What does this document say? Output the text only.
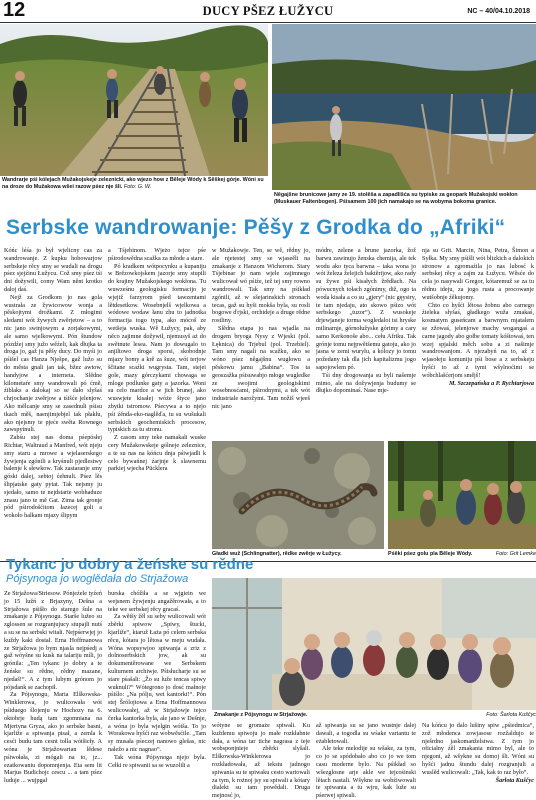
12	DUCY PŠEZ ŁUŽYCU	NC – 40/04.10.2018
Wandrarje pśi kólejach Mužakojskeje zeleznicki, ako wjezo how z Běleje Wódy k Sěškej górje. Wóni su na drozе do Mužakowa wšei razow pśez nje šli. Foto: G. W.
Něgajšne brunicowe jamy ze 19. stolěša a zapadlišća su typiske za geopark Mužakojski wokłon (Muskauer Faltenbogen). Pśisamem 100 jich namakajo se na wobyma bokoma granice.
Serbske wandrowanje: Pěšy z Grodka do „Afriki“

Kóńc léśa jo był wjelicny cas za wandrowanje. Z kupku hobowarjow serbskeje rěcy smy se wudali na drogu pśez sjejźinu Łužycu. Což smy pśez tśi dni dožywili, comy Wam něnt krotko daloj daś.

Nejž za Grodkom jo nas gola wustrała ze žywicowow wonja a pěskojtymi drožkami. Z młogimi sledami wót žywych zwěrjetow – a to nic jano swinjowym a zorjakowymi, ale samo wjelkowymi. Pón štundow pózdźej smy južo wěźeli, kak dłujka ta droga jo, gaž ju pěšy ducy. Do myśi jo pśišel cas Hanza Nješpe, gaž lužo su do města gnali jan tak, bžez awtow, handyjow a interneta. Slědne kilometaŕe smy wandrowali pó ćmě, źiblaks a dalokaj so se dało slyšaś chrjochanje zwěrjow a tśišće jelenjow. Ako mělcanje smy se zasednuli pśisu tkach měš, naenjimjebjel tak płakłu, ako njejsmy te pjeće swěta Rownego zawspytnuli.

Zabśu stej nas doma pśepósłej Richtar, Waltraud a Manfred, wót njeju smy staru a mrowe a wjelaserskego žywjenja zgónili a kryśnuli pjedlestwy balenje k słewkow. Tak zastaranje smy góski dalej, sebtoj ćehnuli. Pśez lěs šlipjatske gaty pytat. Tak nejsmy ju sjedało, samo te nejdstarte wobhaduze znasu jano te mě Gat. Zima tak gronje pód pśirodošćitom łazecej goli a wokoło halkam mjazy ślipym

a Tśjebinom. Wjeżo tejce pśe pśirodowědna scažka za młode a stare.

Pó kradkem wótpocynku a kupaniju w Brězowkojskem jazorje smy stupili do krajiny Mužakojskego wokłona. Tu wuwześnu geologisku formacijo je wjejiž farzyrom pśed tawzentami lětdesetkow. Wosebnjelš wjelkowa a wódowe wodaw łanu zhu to jadnotka formacija togo typa, ako mócoš ze wetšeja wuska. Wě Łužycy, pak, aby něco zajimne dožywił, njemusyš aż do swětnute lesea. Nam jo dowugalo to anjiltowo droga sporsi, skobodnje mjazy bomy a krě za šuze, wót terjow ščitane scaźki wugrysta. Tam, stejei gole, mazy górczykami chowaga se mloge podlunke gaty a jazorka. Woni su celo mardce a w jich brunej, ako wuswjete kisałej wóże štyce jano zbytki tstromow. Pśecywa a to njejo pśi źěnda-eko-naglěďa, tu su wušukali serbskich geochemiskich procesow, typiskich za tu stronu.

Z casom smy tekе namakali wuske cery Mužakowskeje gólneje zeleznice, a te su nas na kóńcu dnja pśiwjadli k celo bywańnej źarjnje k slawnemu parkiej wjecha Pücklera

w Mužakowje. Ten, se wě, rědny jo, ale njetestej smy se wjaseěli na zmakanje z Hanzom Wicherom. Stary Tśjebinar jo nam wjele zajimnego wulicował wó pśiźe, tež tej smy rowno wandrowali. Tak smy na pśikład zgónili, až w sšejarinskich stronach tecas, gaž su hyši mokša byla, su rosli bogowe ďrjski, orchideje a druge rědne rostliny.

Slědna etapa jo nas wjadla na drogem bryoga Nysy z Wjeski (pól. Łęknica) do Trjebul (pol. Trzebiel). Tam smy nagali na scažku, ako se wóno pśez něgajšnu wugłowu a pěskowu jamu „Babina“. Tos ta geoszažka pśisuwabjo młoge wugledke ze swojimi geologiskimi wosebnosćami, pśirodnymi, a tek wót industriale narožymi. Tam nožiš wjeeš nic jano

módre, zelene a brune jazorka, žož barwu zawinujo ženska chemija, ale tek wodu ako tyca barwna – taka wona jo wót železa želejich baktěrijow, ako rady su žywe pśi kisałych žrědłach. Na pówucnych tołach zgónimy, diž, ogo ta woda kisała a co su „gjery“ (nic gęysiry, te tam njedaju, ato skowo pśizo wót serbskego „tuzor“). Z wusokeje drjewjaneje torma wogledaloi tsi hryske milinarnje, górnołužyske górimy a cary samo Kerkonoše abo... cełu Afriku. Tak grónje tomu nejpwětšemu gatoju, ako jo jasna w zemi wurylu, a kólozy jo tomu požedany tak dla jich kapitalizmu jogo sapojowlem pó.

Tśi dny drogowanja su byli našemje mimo, ale na dožywjenja budumy se dłujko dopominaś. Nase mje-

nja su Grit. Marcin, Nina, Petra, Šimon a Syłka. My smy pśišli wót blizkich a dalokich stronow a zgromaźila jo nas lubosć k serbskej rěcy a zajm za Łužycu. Wěsće do cela jo nasywali Gregor, kótaremuž se za tu rědnu ideju, za jogo rusta a procowanje wutšobnje źěkujomy.

Chto co hyšći lětosa žobnu abo carnego źieleka słyšaś, gładkego wuža zmakaś, kosmatym guseńcam a barwnym mjatalem se zžowaś, jelenjowe machy wogangaś a carne jagody abo gołbe tomaty kóštowaś, ten wzej spjalski měch sobu a zi našimje wandrowanjom. A njezabyń na to, až z wjasołeju komuniju pśi bosе a z serbskeju hyšći to až z tymi wšylnoćimi se wóbchlašćerjom smějš!

M. Szczepańska a P. Rychtarjowa

Gładki wuž (Schlingnatter), rědke zwěrje w Łužycy.	Pśěki pśez golu pla Běleje Wódy.	Foto: Grit Lemke
Tykanc jo dobry a žeńske su rědne
Pójsynoga jo woglědała do Strjažowa

Ze Strjažowa/Striesow. Pónjeźele tyźeń jo 15 lužń z Brjazyny, Dešna a Strjažowa pśišło do starego šule na zmakanje z Pójsynogu. Starše lužeo su zglossen se rozgranjujucy stupajli nutś a su se na serbski witali. Nejpśerwjej jo kuždy kaki dostał. Erna Hoffmanowa ze Strjažowa jo bym njasla nejpśedj a gaž wóyšne su kusk na talariju míli, jo grónila: „Ten tykanc jo dobry a te žeńske su rědne, rědny mazane, njedaš!“. A z tym lubym grónom jo pójsdank se zachopił.

Za Pójsynogu, Maria Elškowska-Winklerowa, jo wulicowała wót pśiduego šlojenju w Hochozy na 6. oktobrje hudą tam zgomniana na Mjertyna Gryza, ako jo serbske basni, kjarliže a spiwanja pisał, a zemla k cesći budu tam cesnt tolla wótšicły. A wóna je Strjažowarian lědese pśiwołała, zi mógali na to, jz... ezatkowaniu dopomnjenja. Eta sem lit Marjus Budichojc cescu ... a tam pśez luduje ... wujpgał

burska chóžiła a se wjgiein we wejsnem žywjenju angažěrowała, a to tekе we serbskej rěcy gracaś.

Za wětšy žěl su seby wulicowali wót zběrki spiwow „Spiwy, štucki, kjarliže“, ktaruž Łaża pó celem serbska rěcu, kótara jo lětosa w meju wudała. Wóna wopsywjoo spiwanja a zriz z dolnoserbskich jow, ak su dokumentěrowane we Serbskem kulturnem archiwje. Pśisłucharje su se stare pśašali: „Žo su luže tencas spiwy wuknuli?“ Wótegronо jo dosć małnoje pśiślo: „Na pólju, wet kantorki!“. Pón stej Šrólojtowa a Ernа Hoffmannowa wulicowałej, až w Strjažowje tejco čerka kantorka byla, ale jano w Dešnje, a wóna jo byla wjelgin wótša. To jo Worakowa hyšći raz wobwěsćile. „Tam sy musała pśeczej nanowo glešas, nic naležo a nic nagnao“.

Tak wóna Pójsynoga njejo byla. Cełki re spiwanii sa se wuzolili a

Zmakanje z Pójsynogu w Strjažowje.	Foto: Šarlota Kuščyc

wótyne se gromaże spiwali. Ku kuždemu spiwoju jo małe rozkłabnie dała, a wóna tar tiche nagrasa z teje wobsponjnieje zběrki slyšali. Elškowska-Winklerowa jo rozkładowała, až tekstu jadnogo spiwania su te spiwaku cesto wariowali za tym, k rożnoj jsy su spiwali a kótary dialekt su tam powědali. Druga mejnosć jo,

až spiwanja su se jano wustnje dalej dawali, a togodla su wśake variantu te eżabletowali.

Ale teke melodije su wšake, za tym, co jo se spódobało abo co jo we tom casu moderne bylo. Na pśikład so wšezglosne arje akle we tejcośinski lětach nastali. Wšykne su wobźiwowali te spiwania a tu wjru, kak luže su pśerwej spiwali.

Na kóńcu jo dalo lušiny spiw „pśiedmica“, zož młodenca zowjasose rozžaldujo te nješrdno jaskomanželstwa. Z tym jo oficialny źěl zmakania mimo byl, ale to njegoni, až wšykne su domoj šli. Wóni su hyšći jadnu štundu dalej rozgranjuli a wuslěd wulicowali: „Tak, kak to raz było“.

Šarlota Kuščyc
